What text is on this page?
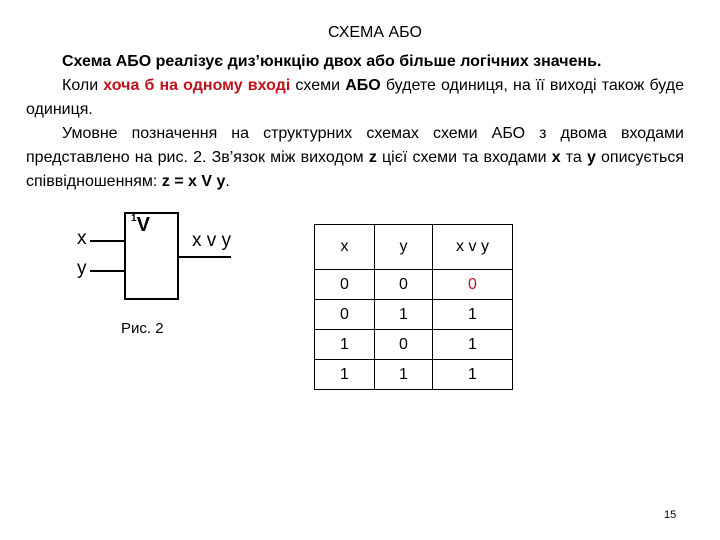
СХЕМА АБО
Схема АБО реалізує диз’юнкцію двох або більше логічних значень.
Коли хоча б на одному вході схеми АБО будете одиниця, на її виході також буде одиниця.
Умовне позначення на структурних схемах схеми АБО з двома входами представлено на рис. 2. Зв’язок між виходом z цієї схеми та входами x та y описується співвідношенням: z = x V y.
x
y
$^1$V
x v y
Рис. 2
x	y	x v y
0	0	0
0	1	1
1	0	1
1	1	1
15
